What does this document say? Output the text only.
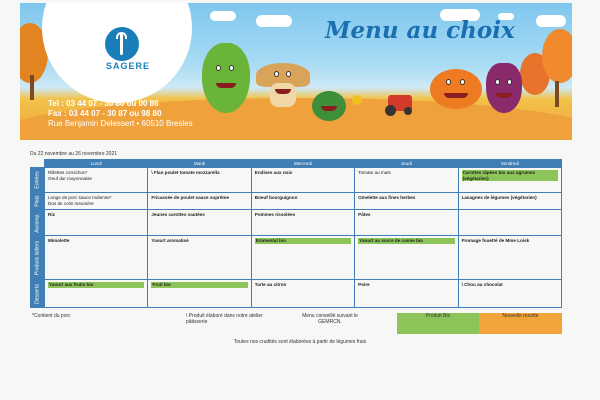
SAGERE
Menu au choix
Tel : 03 44 07 - 30 80 ou 00 86
Fax : 03 44 07 - 30 87 ou 98 80
Rue Benjamin Delessert • 60510 Bresles
Du 22 novembre au 26 novembre 2021
	Lundi	Mardi	Mercredi	Jeudi	Vendredi

Entrées	Rillettes cornichon*
Oeuf dur mayonnaise	\ Flan poulet tomate mozzarella	Endives aux noix	Tomate au maïs	Carottes râpées bio aux agrumes (végétarien)

Plats	Longe de porc sauce Indienne*
Dos de colin meunière	Fricassée de poulet sauce suprême	Boeuf bourguignon	Omelette aux fines herbes	Lasagnes de légumes (végétarien)

Accomp.	Riz	Jeunes carottes sautées	Pommes rissolées	Pâtes	

Produits laitiers	Mimolette	Yaourt aromatisé	Emmental bio	Yaourt au sucre de canne bio	Fromage fouetté de Mme Loisk

Desserts	Yaourt aux fruits bio	Fruit bio	Tarte au citron	Poire	\ Chou au chocolat
*Contient du porc	\ Produit élaboré dans notre atelier pâtisserie
Menu conseillé suivant le GEMRCN.
Produit Bio	Nouvelle recette
Toutes nos crudités sont élaborées à partir de légumes frais
